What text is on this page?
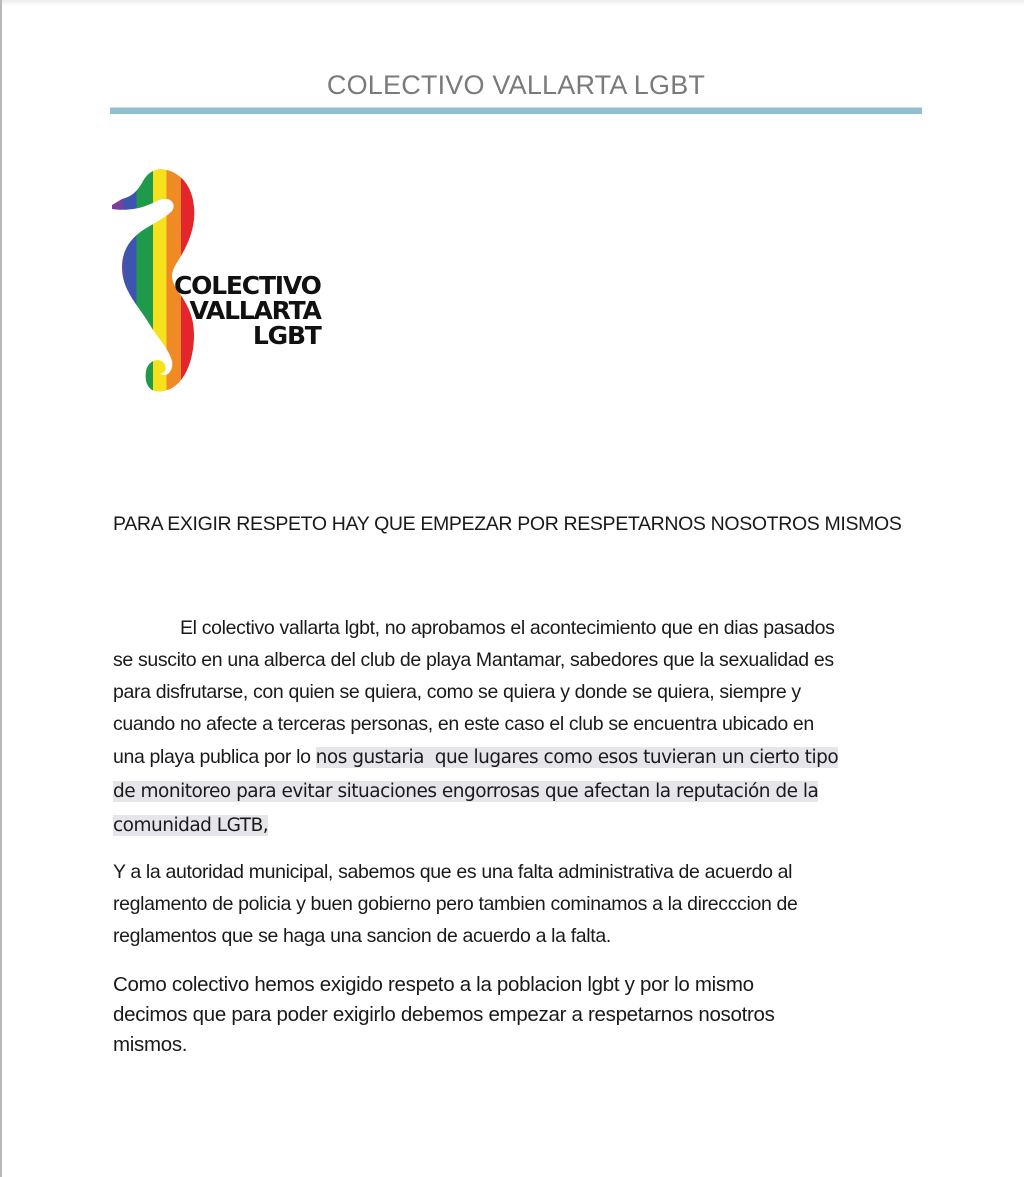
COLECTIVO VALLARTA LGBT
COLECTIVO
VALLARTA
LGBT
PARA EXIGIR RESPETO HAY QUE EMPEZAR POR RESPETARNOS NOSOTROS MISMOS
El colectivo vallarta lgbt, no aprobamos el acontecimiento que en dias pasados
se suscito en una alberca del club de playa Mantamar, sabedores que la sexualidad es
para disfrutarse, con quien se quiera, como se quiera y donde se quiera, siempre y
cuando no afecte a terceras personas, en este caso el club se encuentra ubicado en
una playa publica por lo nos gustaria  que lugares como esos tuvieran un cierto tipo
de monitoreo para evitar situaciones engorrosas que afectan la reputación de la
comunidad LGTB,
Y a la autoridad municipal, sabemos que es una falta administrativa de acuerdo al
reglamento de policia y buen gobierno pero tambien cominamos a la direcccion de
reglamentos que se haga una sancion de acuerdo a la falta.
Como colectivo hemos exigido respeto a la poblacion lgbt y por lo mismo
decimos que para poder exigirlo debemos empezar a respetarnos nosotros
mismos.
